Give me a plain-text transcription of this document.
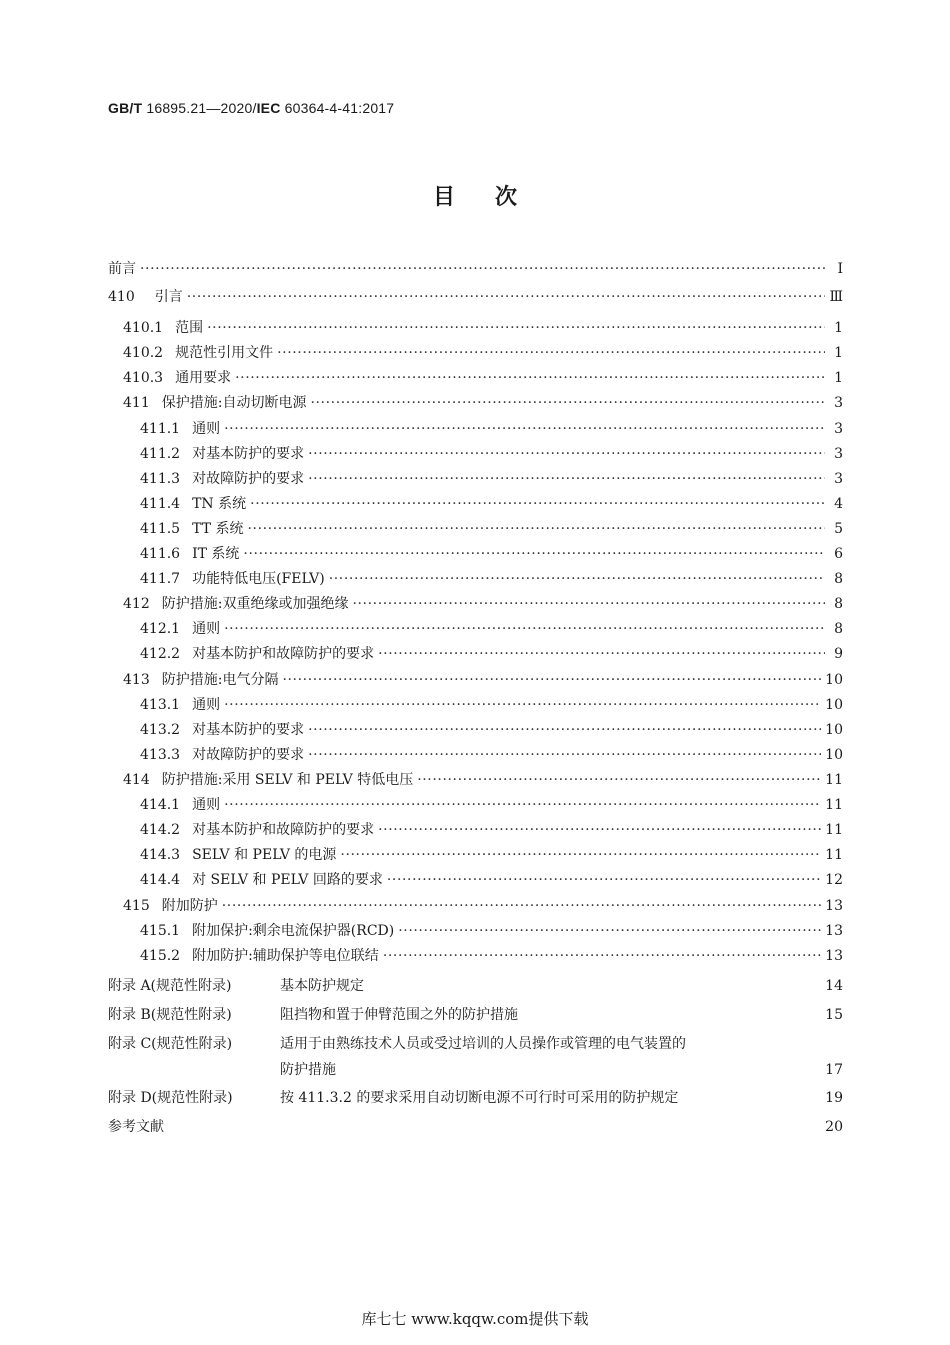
GB/T 16895.21—2020/IEC 60364-4-41:2017
目次
前言 ·····	Ⅰ
410 引言 ·····	Ⅲ
410.1 范围 ·····	1
410.2 规范性引用文件 ·····	1
410.3 通用要求 ·····	1
411 保护措施:自动切断电源 ·····	3
411.1 通则 ·····	3
411.2 对基本防护的要求 ·····	3
411.3 对故障防护的要求 ·····	3
411.4 TN 系统 ·····	4
411.5 TT 系统 ·····	5
411.6 IT 系统 ·····	6
411.7 功能特低电压(FELV) ·····	8
412 防护措施:双重绝缘或加强绝缘 ·····	8
412.1 通则 ·····	8
412.2 对基本防护和故障防护的要求 ·····	9
413 防护措施:电气分隔 ·····	10
413.1 通则 ·····	10
413.2 对基本防护的要求 ·····	10
413.3 对故障防护的要求 ·····	10
414 防护措施:采用 SELV 和 PELV 特低电压 ·····	11
414.1 通则 ·····	11
414.2 对基本防护和故障防护的要求 ·····	11
414.3 SELV 和 PELV 的电源 ·····	11
414.4 对 SELV 和 PELV 回路的要求 ·····	12
415 附加防护 ·····	13
415.1 附加保护:剩余电流保护器(RCD) ·····	13
415.2 附加防护:辅助保护等电位联结 ·····	13
附录 A(规范性附录)	基本防护规定	14
附录 B(规范性附录)	阻挡物和置于伸臂范围之外的防护措施	15
附录 C(规范性附录)	适用于由熟练技术人员或受过培训的人员操作或管理的电气装置的
防护措施	17
附录 D(规范性附录)	按 411.3.2 的要求采用自动切断电源不可行时可采用的防护规定	19
参考文献	20
库七七 www.kqqw.com提供下载
